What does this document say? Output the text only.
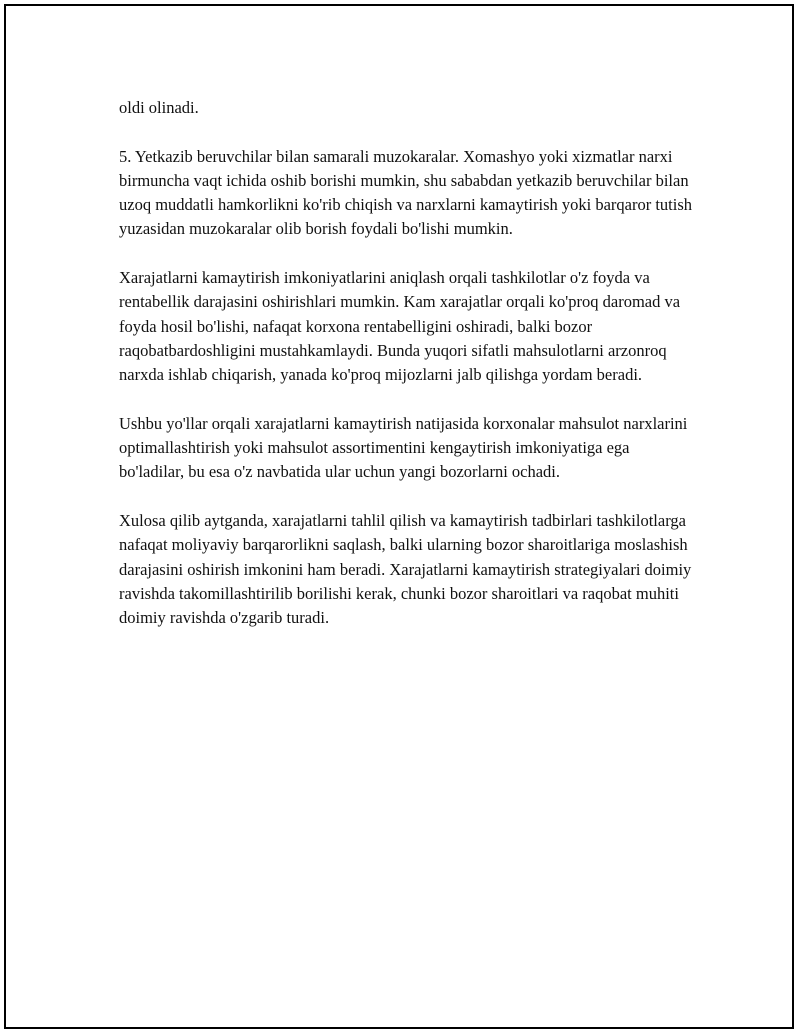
oldi olinadi.

5. Yetkazib beruvchilar bilan samarali muzokaralar. Xomashyo yoki xizmatlar narxi birmuncha vaqt ichida oshib borishi mumkin, shu sababdan yetkazib beruvchilar bilan uzoq muddatli hamkorlikni ko'rib chiqish va narxlarni kamaytirish yoki barqaror tutish yuzasidan muzokaralar olib borish foydali bo'lishi mumkin.

Xarajatlarni kamaytirish imkoniyatlarini aniqlash orqali tashkilotlar o'z foyda va rentabellik darajasini oshirishlari mumkin. Kam xarajatlar orqali ko'proq daromad va foyda hosil bo'lishi, nafaqat korxona rentabelligini oshiradi, balki bozor raqobatbardoshligini mustahkamlaydi. Bunda yuqori sifatli mahsulotlarni arzonroq narxda ishlab chiqarish, yanada ko'proq mijozlarni jalb qilishga yordam beradi.

Ushbu yo'llar orqali xarajatlarni kamaytirish natijasida korxonalar mahsulot narxlarini optimallashtirish yoki mahsulot assortimentini kengaytirish imkoniyatiga ega bo'ladilar, bu esa o'z navbatida ular uchun yangi bozorlarni ochadi.

Xulosa qilib aytganda, xarajatlarni tahlil qilish va kamaytirish tadbirlari tashkilotlarga nafaqat moliyaviy barqarorlikni saqlash, balki ularning bozor sharoitlariga moslashish darajasini oshirish imkonini ham beradi. Xarajatlarni kamaytirish strategiyalari doimiy ravishda takomillashtirilib borilishi kerak, chunki bozor sharoitlari va raqobat muhiti doimiy ravishda o'zgarib turadi.
